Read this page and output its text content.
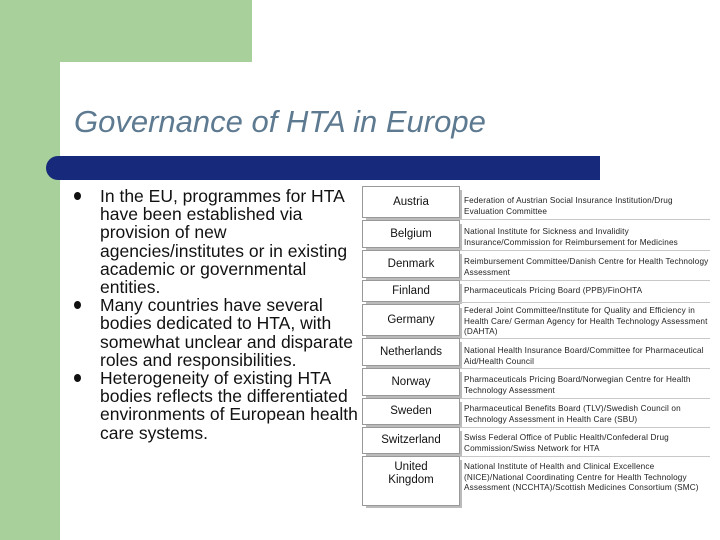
Governance of HTA in Europe
In the EU, programmes for HTA have been established via provision of new agencies/institutes or in existing academic or governmental entities.
Many countries have several bodies dedicated to HTA, with somewhat unclear and disparate roles and responsibilities.
Heterogeneity of existing HTA bodies reflects the differentiated environments of European health care systems.
Austria
Belgium
Denmark
Finland
Germany
Netherlands
Norway
Sweden
Switzerland
United Kingdom
Federation of Austrian Social Insurance Institution/Drug Evaluation Committee
National Institute for Sickness and Invalidity Insurance/Commission for Reimbursement for Medicines
Reimbursement Committee/Danish Centre for Health Technology Assessment
Pharmaceuticals Pricing Board (PPB)/FinOHTA
Federal Joint Committee/Institute for Quality and Efficiency in Health Care/ German Agency for Health Technology Assessment (DAHTA)
National Health Insurance Board/Committee for Pharmaceutical Aid/Health Council
Pharmaceuticals Pricing Board/Norwegian Centre for Health Technology Assessment
Pharmaceutical Benefits Board (TLV)/Swedish Council on Technology Assessment in Health Care (SBU)
Swiss Federal Office of Public Health/Confederal Drug Commission/Swiss Network for HTA
National Institute of Health and Clinical Excellence (NICE)/National Coordinating Centre for Health Technology Assessment (NCCHTA)/Scottish Medicines Consortium (SMC)
